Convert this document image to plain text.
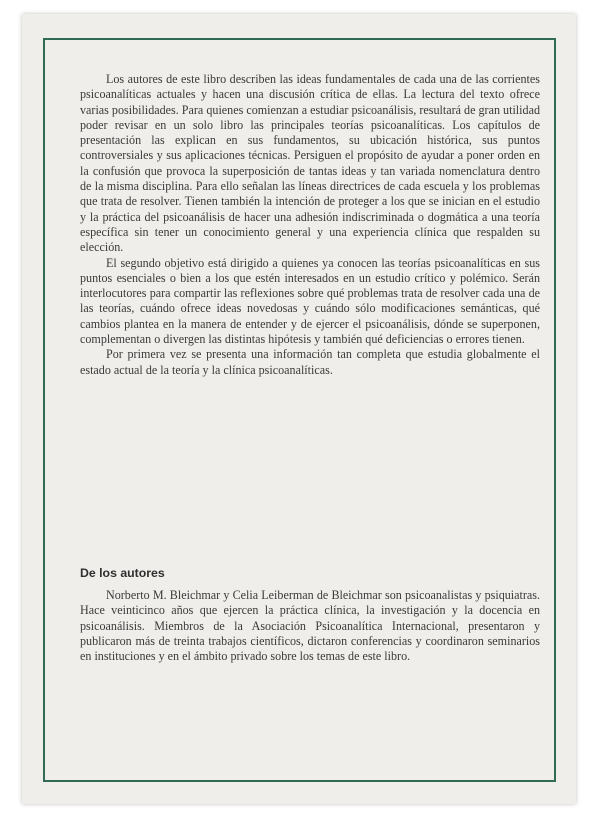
Los autores de este libro describen las ideas fundamentales de cada una de las corrientes psicoanalíticas actuales y hacen una discusión crítica de ellas. La lectura del texto ofrece varias posibilidades. Para quienes comienzan a estudiar psicoanálisis, resultará de gran utilidad poder revisar en un solo libro las principales teorías psicoanalíticas. Los capítulos de presentación las explican en sus fundamentos, su ubicación histórica, sus puntos controversiales y sus aplicaciones técnicas. Persiguen el propósito de ayudar a poner orden en la confusión que provoca la superposición de tantas ideas y tan variada nomenclatura dentro de la misma disciplina. Para ello señalan las líneas directrices de cada escuela y los problemas que trata de resolver. Tienen también la intención de proteger a los que se inician en el estudio y la práctica del psicoanálisis de hacer una adhesión indiscriminada o dogmática a una teoría específica sin tener un conocimiento general y una experiencia clínica que respalden su elección.

El segundo objetivo está dirigido a quienes ya conocen las teorías psicoanalíticas en sus puntos esenciales o bien a los que estén interesados en un estudio crítico y polémico. Serán interlocutores para compartir las reflexiones sobre qué problemas trata de resolver cada una de las teorías, cuándo ofrece ideas novedosas y cuándo sólo modificaciones semánticas, qué cambios plantea en la manera de entender y de ejercer el psicoanálisis, dónde se superponen, complementan o divergen las distintas hipótesis y también qué deficiencias o errores tienen.

Por primera vez se presenta una información tan completa que estudia globalmente el estado actual de la teoría y la clínica psicoanalíticas.

De los autores

Norberto M. Bleichmar y Celia Leiberman de Bleichmar son psicoanalistas y psiquiatras. Hace veinticinco años que ejercen la práctica clínica, la investigación y la docencia en psicoanálisis. Miembros de la Asociación Psicoanalítica Internacional, presentaron y publicaron más de treinta trabajos científicos, dictaron conferencias y coordinaron seminarios en instituciones y en el ámbito privado sobre los temas de este libro.
